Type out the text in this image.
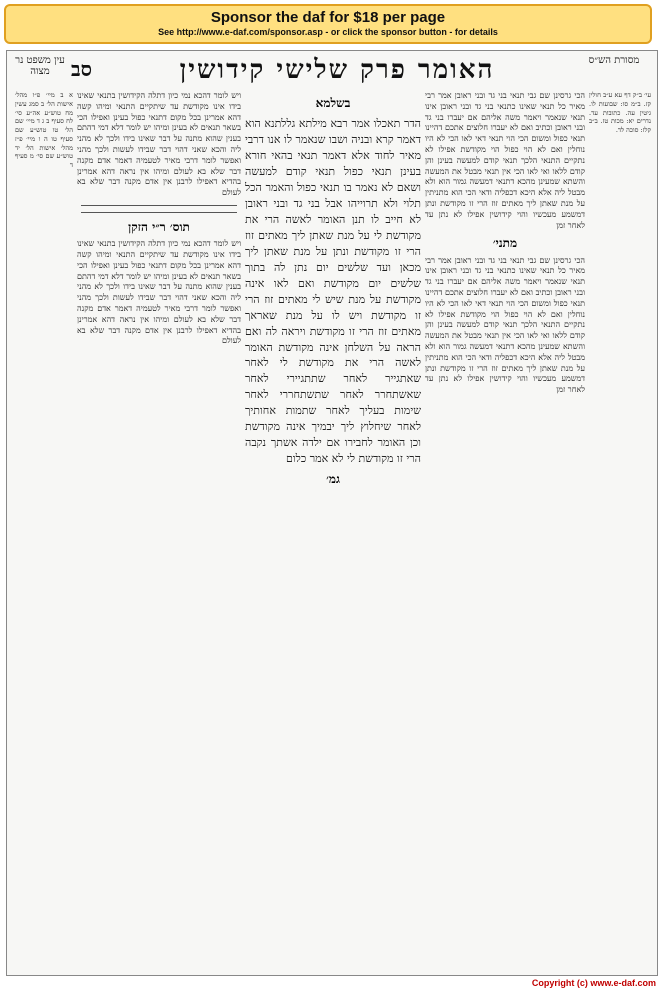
Sponsor the daf for $18 per page
See http://www.e-daf.com/sponsor.asp - or click the sponsor button - for details
מסורת הש״ס
האומר פרק שלישי קידושין
סב
עין משפט נר מצוה
עי׳ ב״ק דף עא ע״ב חולין קז. ב״מ סו: שבועות לו. גיטין עה. כתובות עד. נדרים יא: מכות טז. ב״ב קלז: סוכה לד.
הכי גרסינן שם גבי תנאי בני גד ובני ראובן אמר רבי מאיר כל תנאי שאינו כתנאי בני גד ובני ראובן אינו תנאי שנאמר ויאמר משה אליהם אם יעברו בני גד ובני ראובן וכתיב ואם לא יעברו חלוצים אתכם דהיינו תנאי כפול ומשום הכי הוי תנאי דאי לאו הכי לא היו נוחלין ואם לא הוי כפול הוי מקודשת אפילו לא נתקיים התנאי הלכך תנאי קודם למעשה בעינן והן קודם ללאו ואי לאו הכי אין תנאי מבטל את המעשה והשתא שמעינן מהכא דתנאי דמעשה גמור הוא ולא מבטל ליה אלא היכא דכפליה ודאי הכי הוא מתניתין על מנת שאתן ליך מאתים זוז הרי זו מקודשת ונתן דמשמע מעכשיו והוי קידושין אפילו לא נתן עד לאחר זמן
מתני׳
הכי גרסינן שם גבי תנאי בני גד ובני ראובן אמר רבי מאיר כל תנאי שאינו כתנאי בני גד ובני ראובן אינו תנאי שנאמר ויאמר משה אליהם אם יעברו בני גד ובני ראובן וכתיב ואם לא יעברו חלוצים אתכם דהיינו תנאי כפול ומשום הכי הוי תנאי דאי לאו הכי לא היו נוחלין ואם לא הוי כפול הוי מקודשת אפילו לא נתקיים התנאי הלכך תנאי קודם למעשה בעינן והן קודם ללאו ואי לאו הכי אין תנאי מבטל את המעשה והשתא שמעינן מהכא דתנאי דמעשה גמור הוא ולא מבטל ליה אלא היכא דכפליה ודאי הכי הוא מתניתין על מנת שאתן ליך מאתים זוז הרי זו מקודשת ונתן דמשמע מעכשיו והוי קידושין אפילו לא נתן עד לאחר זמן
בשלמא
הדר תאכלו אמר רבא מילתא גללתנא הוא דאמר קרא ובניה ושבו שנאמר לו אנו דרבי מאיר לחוד אלא דאמר תנאי בהאי חורא בעינן תנאי כפול תנאי קודם למעשה ושאם לא נאמר בו תנאי כפול והאמר הכל תלוי ולא תרוייהו אבל בני גד ובני ראובן לא חייב לו תנן האומר לאשה הרי את מקודשת לי על מנת שאתן ליך מאתים זוז הרי זו מקודשת ונתן על מנת שאתן ליך מכאן ועד שלשים יום נתן לה בתוך שלשים יום מקודשת ואם לאו אינה מקודשת על מנת שיש לי מאתים זוז הרי זו מקודשת ויש לו על מנת שאראך מאתים זוז הרי זו מקודשת ויראה לה ואם הראה על השלחן אינה מקודשת האומר לאשה הרי את מקודשת לי לאחר שאתגייר לאחר שתתגיירי לאחר שאשתחרר לאחר שתשתחררי לאחר שימות בעליך לאחר שתמות אחותיך לאחר שיחלוץ ליך יבמיך אינה מקודשת וכן האומר לחבירו אם ילדה אשתך נקבה הרי זו מקודשת לי לא אמר כלום
גמ׳
ויש לומר דהכא נמי כיון דתלה הקידושין בתנאי שאינו בידו אינו מקודשת עד שיתקיים התנאי ומיהו קשה דהא אמרינן בכל מקום דתנאי כפול בעינן ואפילו הכי בשאר תנאים לא בעינן ומיהו יש לומר דלא דמי דהתם בענין שהוא מתנה על דבר שאינו בידו ולכך לא מהני ליה והכא שאני דהוי דבר שבידו לעשות ולכך מהני ואפשר לומר דרבי מאיר לטעמיה דאמר אדם מקנה דבר שלא בא לעולם ומיהו אין נראה דהא אמרינן בהדיא דאפילו לרבנן אין אדם מקנה דבר שלא בא לעולם
תוס׳ ר״י הזקן
ויש לומר דהכא נמי כיון דתלה הקידושין בתנאי שאינו בידו אינו מקודשת עד שיתקיים התנאי ומיהו קשה דהא אמרינן בכל מקום דתנאי כפול בעינן ואפילו הכי בשאר תנאים לא בעינן ומיהו יש לומר דלא דמי דהתם בענין שהוא מתנה על דבר שאינו בידו ולכך לא מהני ליה והכא שאני דהוי דבר שבידו לעשות ולכך מהני ואפשר לומר דרבי מאיר לטעמיה דאמר אדם מקנה דבר שלא בא לעולם ומיהו אין נראה דהא אמרינן בהדיא דאפילו לרבנן אין אדם מקנה דבר שלא בא לעולם
א ב מיי׳ פ״ו מהל׳ אישות הל׳ ב סמג עשין מח טוש״ע אה״ע סי׳ לח סעיף ב ג ד מיי׳ שם הל׳ טו טוש״ע שם סעיף טו ה ו מיי׳ פ״ז מהל׳ אישות הל׳ יד טוש״ע שם סי׳ מ סעיף ד
Copyright (c) www.e-daf.com
